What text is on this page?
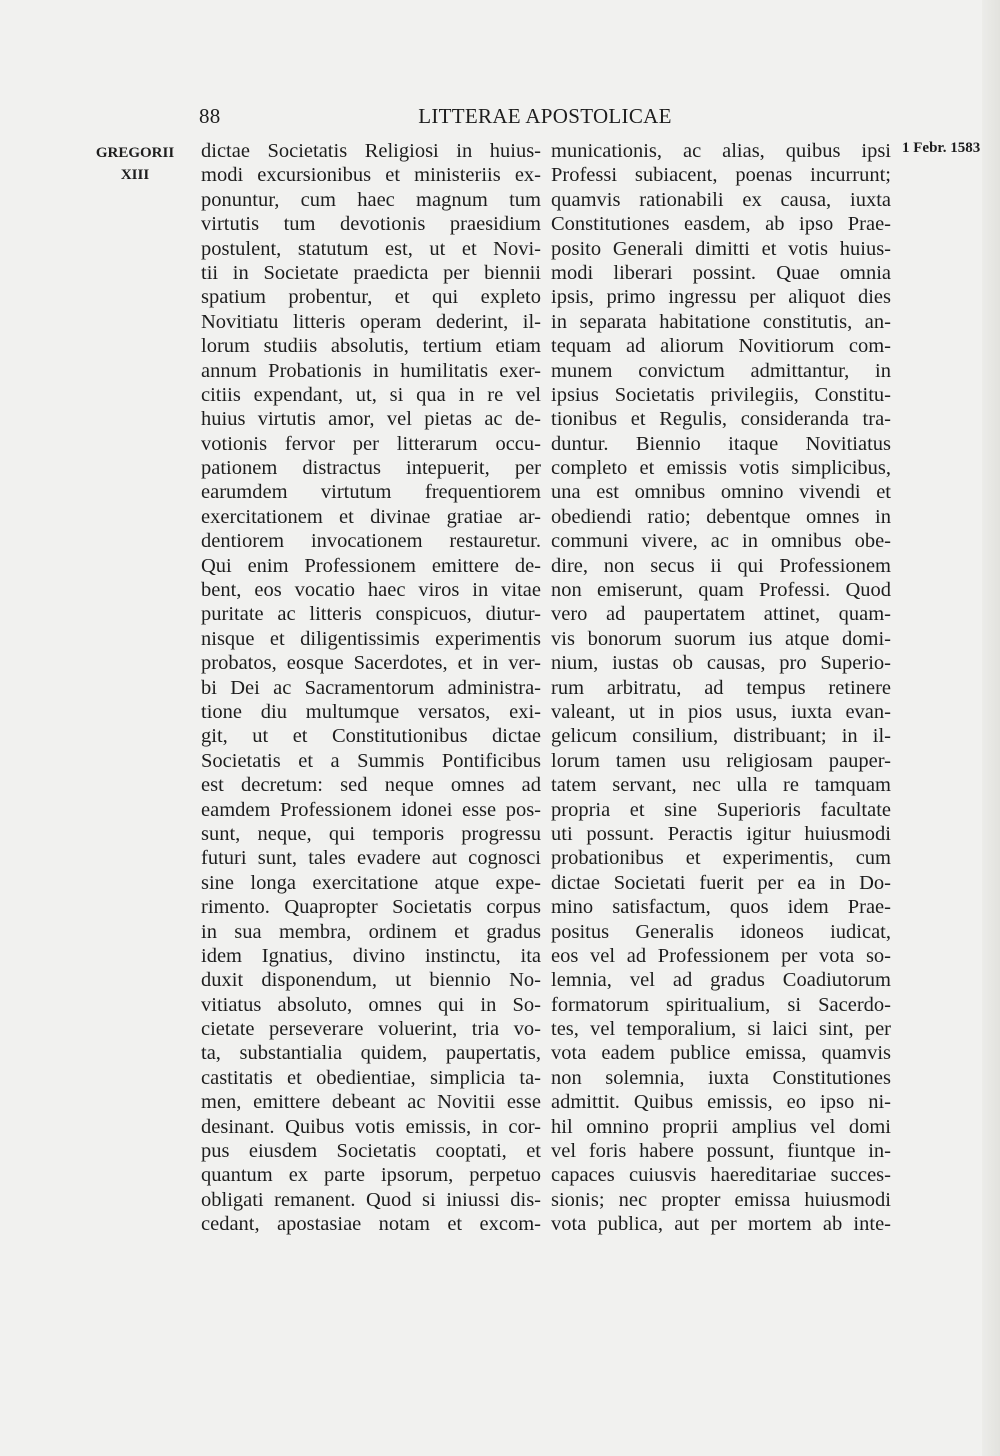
88	LITTERAE APOSTOLICAE
GREGORII
XIII
1 Febr. 1583
dictae Societatis Religiosi in huius-
modi excursionibus et ministeriis ex-
ponuntur, cum haec magnum tum
virtutis tum devotionis praesidium
postulent, statutum est, ut et Novi-
tii in Societate praedicta per biennii
spatium probentur, et qui expleto
Novitiatu litteris operam dederint, il-
lorum studiis absolutis, tertium etiam
annum Probationis in humilitatis exer-
citiis expendant, ut, si qua in re vel
huius virtutis amor, vel pietas ac de-
votionis fervor per litterarum occu-
pationem distractus intepuerit, per
earumdem virtutum frequentiorem
exercitationem et divinae gratiae ar-
dentiorem invocationem restauretur.
Qui enim Professionem emittere de-
bent, eos vocatio haec viros in vitae
puritate ac litteris conspicuos, diutur-
nisque et diligentissimis experimentis
probatos, eosque Sacerdotes, et in ver-
bi Dei ac Sacramentorum administra-
tione diu multumque versatos, exi-
git, ut et Constitutionibus dictae
Societatis et a Summis Pontificibus
est decretum: sed neque omnes ad
eamdem Professionem idonei esse pos-
sunt, neque, qui temporis progressu
futuri sunt, tales evadere aut cognosci
sine longa exercitatione atque expe-
rimento. Quapropter Societatis corpus
in sua membra, ordinem et gradus
idem Ignatius, divino instinctu, ita
duxit disponendum, ut biennio No-
vitiatus absoluto, omnes qui in So-
cietate perseverare voluerint, tria vo-
ta, substantialia quidem, paupertatis,
castitatis et obedientiae, simplicia ta-
men, emittere debeant ac Novitii esse
desinant. Quibus votis emissis, in cor-
pus eiusdem Societatis cooptati, et
quantum ex parte ipsorum, perpetuo
obligati remanent. Quod si iniussi dis-
cedant, apostasiae notam et excom-
municationis, ac alias, quibus ipsi
Professi subiacent, poenas incurrunt;
quamvis rationabili ex causa, iuxta
Constitutiones easdem, ab ipso Prae-
posito Generali dimitti et votis huius-
modi liberari possint. Quae omnia
ipsis, primo ingressu per aliquot dies
in separata habitatione constitutis, an-
tequam ad aliorum Novitiorum com-
munem convictum admittantur, in
ipsius Societatis privilegiis, Constitu-
tionibus et Regulis, consideranda tra-
duntur. Biennio itaque Novitiatus
completo et emissis votis simplicibus,
una est omnibus omnino vivendi et
obediendi ratio; debentque omnes in
communi vivere, ac in omnibus obe-
dire, non secus ii qui Professionem
non emiserunt, quam Professi. Quod
vero ad paupertatem attinet, quam-
vis bonorum suorum ius atque domi-
nium, iustas ob causas, pro Superio-
rum arbitratu, ad tempus retinere
valeant, ut in pios usus, iuxta evan-
gelicum consilium, distribuant; in il-
lorum tamen usu religiosam pauper-
tatem servant, nec ulla re tamquam
propria et sine Superioris facultate
uti possunt. Peractis igitur huiusmodi
probationibus et experimentis, cum
dictae Societati fuerit per ea in Do-
mino satisfactum, quos idem Prae-
positus Generalis idoneos iudicat,
eos vel ad Professionem per vota so-
lemnia, vel ad gradus Coadiutorum
formatorum spiritualium, si Sacerdo-
tes, vel temporalium, si laici sint, per
vota eadem publice emissa, quamvis
non solemnia, iuxta Constitutiones
admittit. Quibus emissis, eo ipso ni-
hil omnino proprii amplius vel domi
vel foris habere possunt, fiuntque in-
capaces cuiusvis haereditariae succes-
sionis; nec propter emissa huiusmodi
vota publica, aut per mortem ab inte-
